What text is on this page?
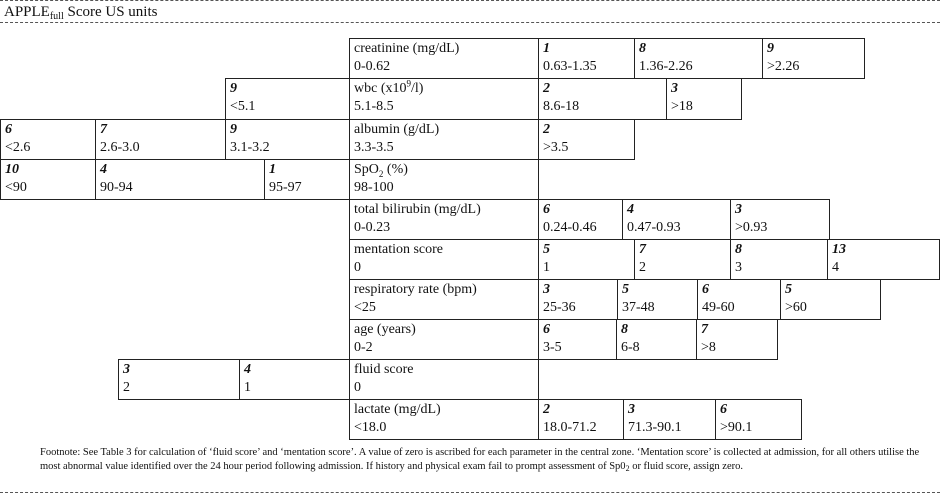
$APPLE_{full}$ Score US units
creatinine (mg/dL)
0-0.62
1
0.63-1.35
8
1.36-2.26
9
>2.26
9
<5.1
wbc $(x10^9/l)$
5.1-8.5
2
8.6-18
3
>18
6
<2.6
7
2.6-3.0
9
3.1-3.2
albumin (g/dL)
3.3-3.5
2
>3.5
10
<90
4
90-94
1
95-97
SpO$_2$ (%)
98-100
total bilirubin (mg/dL)
0-0.23
6
0.24-0.46
4
0.47-0.93
3
>0.93
mentation score
0
5
1
7
2
8
3
13
4
respiratory rate (bpm)
<25
3
25-36
5
37-48
6
49-60
5
>60
age (years)
0-2
6
3-5
8
6-8
7
>8
3
2
4
1
fluid score
0
lactate (mg/dL)
<18.0
2
18.0-71.2
3
71.3-90.1
6
>90.1
Footnote: See Table 3 for calculation of ‘fluid score’ and ‘mentation score’. A value of zero is ascribed for each parameter in the central zone. ‘Mentation score’ is collected at admission, for all others utilise the most abnormal value identified over the 24 hour period following admission. If history and physical exam fail to prompt assessment of $Sp0_2$ or fluid score, assign zero.
